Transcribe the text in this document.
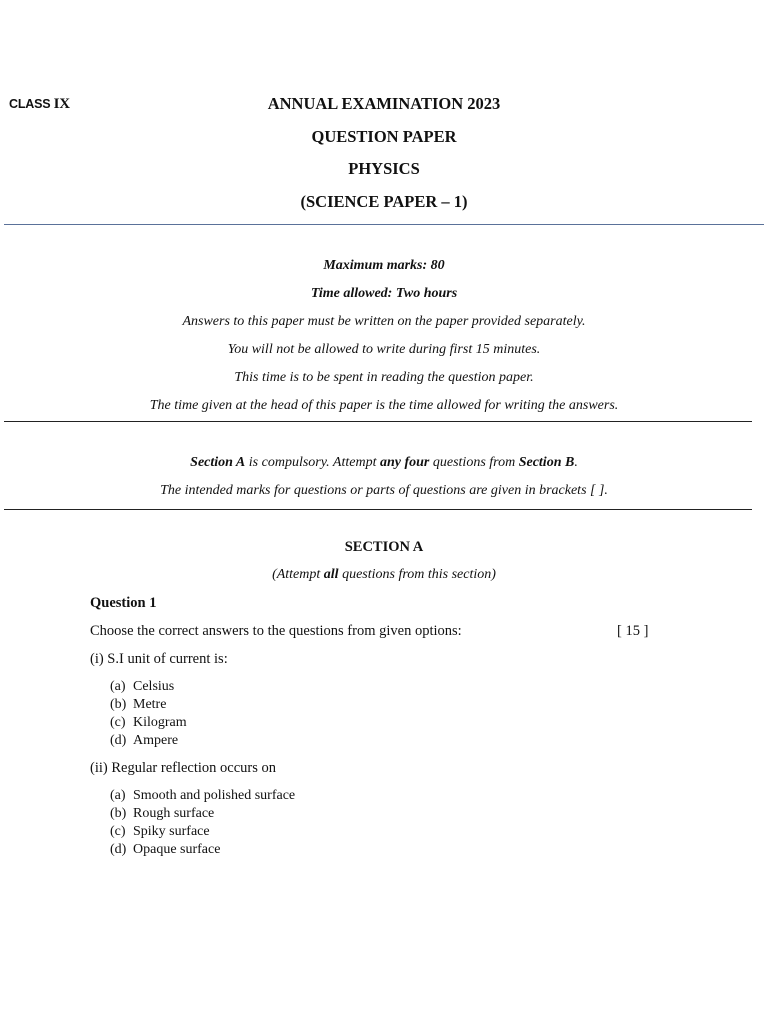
CLASS IX	ANNUAL EXAMINATION 2023
QUESTION PAPER
PHYSICS
(SCIENCE PAPER – 1)
Maximum marks: 80
Time allowed: Two hours
Answers to this paper must be written on the paper provided separately.
You will not be allowed to write during first 15 minutes.
This time is to be spent in reading the question paper.
The time given at the head of this paper is the time allowed for writing the answers.
Section A is compulsory. Attempt any four questions from Section B.
The intended marks for questions or parts of questions are given in brackets [ ].
SECTION A
(Attempt all questions from this section)
Question 1
Choose the correct answers to the questions from given options:	[ 15 ]
(i) S.I unit of current is:
(a) Celsius
(b) Metre
(c) Kilogram
(d) Ampere
(ii) Regular reflection occurs on
(a) Smooth and polished surface
(b) Rough surface
(c) Spiky surface
(d) Opaque surface
